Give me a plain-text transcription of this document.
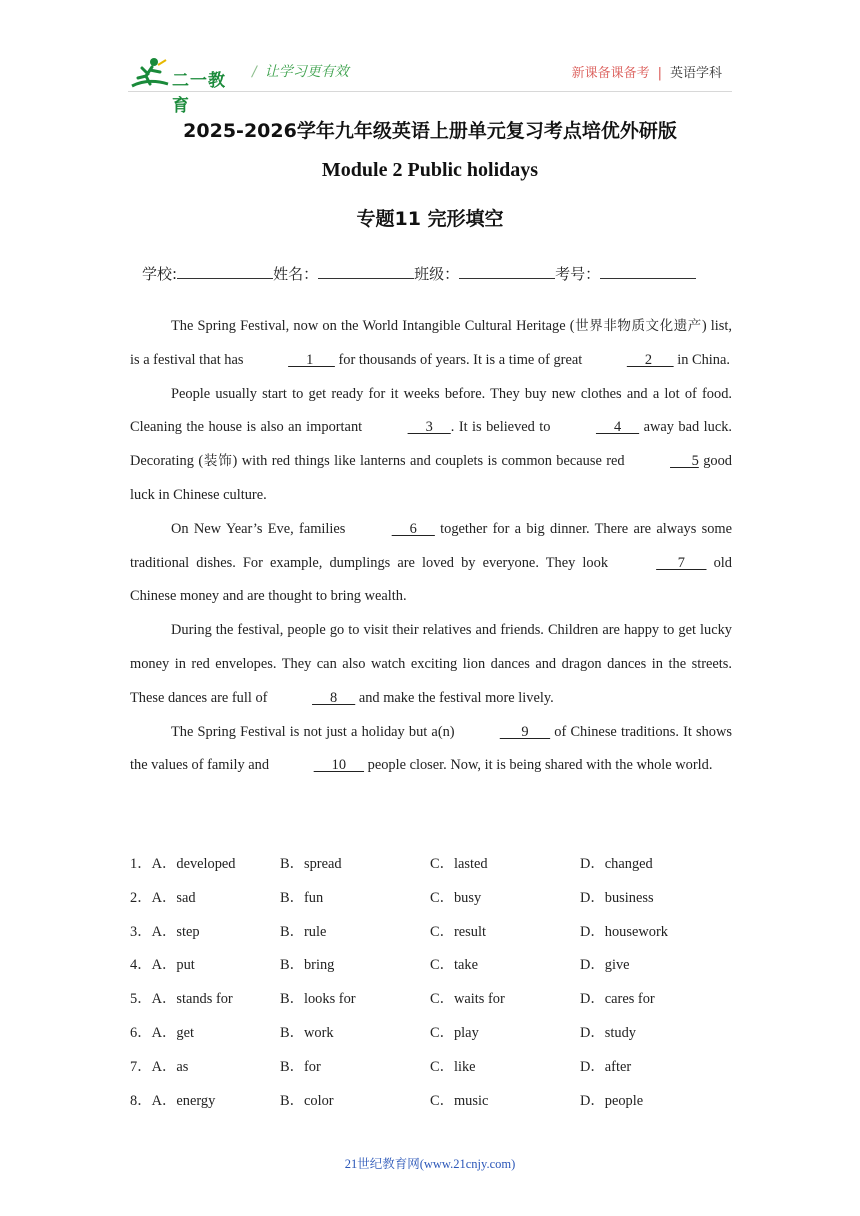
二一教育
/ 让学习更有效	新课备课备考 | 英语学科
2025-2026学年九年级英语上册单元复习考点培优外研版
Module 2 Public holidays
专题11 完形填空
学校:	姓名：	班级：	考号：

The Spring Festival, now on the World Intangible Cultural Heritage (世界非物质文化遗产) list, is a festival that has	1       for thousands of years. It is a time of great	2       in China.

People usually start to get ready for it weeks before. They buy new clothes and a lot of food. Cleaning the house is also an important	3     . It is believed to	4      away bad luck. Decorating (装饰) with red things like lanterns and couplets is common because red	5 good luck in Chinese culture.

On New Year’s Eve, families	6      together for a big dinner. There are always some traditional dishes. For example, dumplings are loved by everyone. They look	7       old Chinese money and are thought to bring wealth.

During the festival, people go to visit their relatives and friends. Children are happy to get lucky money in red envelopes. They can also watch exciting lion dances and dragon dances in the streets. These dances are full of	8      and make the festival more lively.

The Spring Festival is not just a holiday but a(n)	9       of Chinese traditions. It shows the values of family and	10      people closer. Now, it is being shared with the whole world.

1．A．developed	B．spread	C．lasted	D．changed
2．A．sad	B．fun	C．busy	D．business
3．A．step	B．rule	C．result	D．housework
4．A．put	B．bring	C．take	D．give
5．A．stands for	B．looks for	C．waits for	D．cares for
6．A．get	B．work	C．play	D．study
7．A．as	B．for	C．like	D．after
8．A．energy	B．color	C．music	D．people
21世纪教育网(www.21cnjy.com)
